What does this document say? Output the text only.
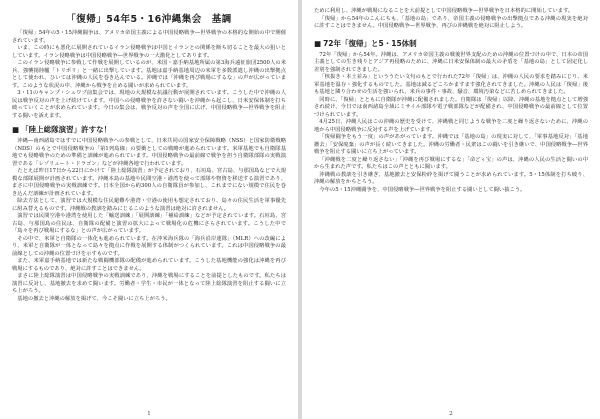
「復帰」54年5・16沖縄集会　基調

「復帰」54年の5・15沖縄闘争は、アメリカ帝国主義による中国侵略戦争―世界戦争の本格的な開始の中で開催されています。

いま、この時にも悪化に展開されているイラン侵略戦争は中国とイランとの関係を断ち切ることを最大の狙いとしています。イラン侵略戦争は中国侵略戦争―世界戦争の一大激化としてあります。

このイラン侵略戦争に参戦して作戦を展開しているのが、米国・嘉手納基地所属の第3海兵遠征旅団2500人の米兵、強襲揚陸艦「トリポリ」と一緒に出撃しています。基地は嘉手納基地周辺の米軍を多数派遣し沖縄の出撃拠点として使われ、ひいては沖縄の人民を巻き込んでいる。沖縄では「沖縄を再び戦場にするな」の声が広がっています。このような状況の中、沖縄から戦争を止める闘いが求められています。

3・11のキャンプ・シュワブ前集会では、現地の大規模な抗議行動が展開されています。こうした中で沖縄の人民は戦争反対の声を上げ続けています。中国への侵略戦争を許さない闘いを沖縄から起こし、日米安保体制を打ち破っていくことが求められています。今日の集会は、戦争反対の声を全国に広げ、中国侵略戦争―世界戦争を阻止する闘いを訴えます。

■ 「陸上総隊演習」許すな！

沖縄―南西諸島ではすでに中国侵略戦争への参戦として、日米共同の国家安全保障戦略（NSS）と国家防衛戦略（NDS）のもとで中国侵略戦争の「第1列島線」の要衝としての戦略が進められています。米軍基地でも自衛隊基地でも侵略戦争のための準備と訓練が進められています。中国侵略戦争の最前線で戦争を担う自衛隊部隊の実戦演習である「レゾリュート・ドラゴン」などが沖縄各地で行われています。

たとえば昨日17日から22日にかけて「陸上総隊演習」が予定されており、石垣島、宮古島、与那国島などで大規模な部隊展開が計画されています。沖縄本島の基地や民間空港・港湾を使って部隊や物資を移送する演習であり、まさに中国侵略戦争の実戦訓練です。日本全国から約300人の自衛隊員が参加し、これまでにない規模で住民を巻き込んだ訓練が計画されています。

除去方法として、演習では大規模な住民避難や港湾・空港の使用も想定されており、島々の住民生活を軍事優先に組み替えるものです。沖縄戦の教訓を踏みにじるこのような演習は絶対に許されません。

演習では民間空港や港湾を使用した「輸送訓練」「展開訓練」「補給訓練」などが予定されています。石垣島、宮古島、与那国島の住民は、自衛隊の配備と演習の拡大によって戦場化の危機にさらされています。こうした中で「島々を再び戦場にするな」との声が広がっています。

その中で、米軍と自衛隊の一体化も進められています。在沖米海兵隊の「海兵沿岸連隊」（MLR）への改編により、米軍と自衛隊が一体となって島々を拠点に作戦を展開する体制がつくられています。これは中国侵略戦争の最前線としての沖縄の位置づけを示すものです。

また、米軍嘉手納基地では新たな戦闘機部隊の配備が進められています。こうした基地機能の強化は沖縄を再び戦場にするものであり、絶対に許すことはできません。

まさに陸上総隊演習は中国侵略戦争の実戦訓練であり、沖縄を戦場にすることを前提としたものです。私たちは演習に反対し、基地撤去を求めて闘います。労働者・学生・市民が一体となって陸上総隊演習を阻止する闘いに立ち上がろう。

基地の撤去と沖縄の解放を掲げて、今こそ闘いに立ち上がろう。

1

ために利用し、沖縄が戦場になることを大前提として中国侵略戦争―世界戦争を日本格的に開始しています。

「復帰」から54年のこんにちも、「基地の島」であり、帝国主義の侵略戦争の出撃拠点である沖縄の現実を絶対に許すことはできません。中国侵略戦争―世界戦争、再びの沖縄戦を絶対に阻止しよう。

■ 72年「復帰」と5・15体制

72年「復帰」から54年。沖縄は、アメリカ帝国主義の戦後世界支配のための沖縄の位置づけの中で、日本の帝国主義としての生き残りとアジア再侵略のために、沖縄に日米安保体制の最大の矛盾を「基地の島」として固定化し差別を強制されてきました。

「核抜き・本土並み」といううたい文句のもとで行われた72年「復帰」は、沖縄の人民の要求を踏みにじり、米軍基地を温存・強化するものでした。基地は減るどころかますます強化されてきました。沖縄の人民は「復帰」後も基地と隣り合わせの生活を強いられ、米兵の事件・事故、騒音、環境汚染などに苦しめられてきました。

同時に、「復帰」とともに自衛隊が沖縄に配備されました。自衛隊は「復帰」以降、沖縄の基地を拠点として増強され続け、今日では南西諸島全域にミサイル部隊や電子戦部隊などが配備され、中国侵略戦争の最前線として位置づけられています。

4月25日、沖縄人民はこの沖縄の歴史を受けて、沖縄戦と同じような戦争を二度と繰り返さないために、沖縄の地から中国侵略戦争に反対する声を上げています。

「復帰闘争をもう一度」の声があがっています。沖縄では「基地の島」の現実に対して、「軍事基地反対」「基地撤去」「安保廃棄」の声が長く続いてきました。沖縄の労働者・民衆はこの闘いを引き継いで、中国侵略戦争―世界戦争を阻止する闘いに立ち上がっています。

「沖縄戦を二度と繰り返さない」「沖縄を再び戦場にするな」「命どぅ宝」の声は、沖縄の人民の生活と闘いの中から生まれた声です。私たちはこの声とともに闘います。

沖縄戦の教訓を引き継ぎ、基地撤去と安保粉砕を掲げて闘うことが求められています。5・15体制を打ち破り、沖縄の解放をかちとろう。

今年の5・15沖縄闘争を、中国侵略戦争―世界戦争を阻止する闘いとして闘い抜こう。

2
